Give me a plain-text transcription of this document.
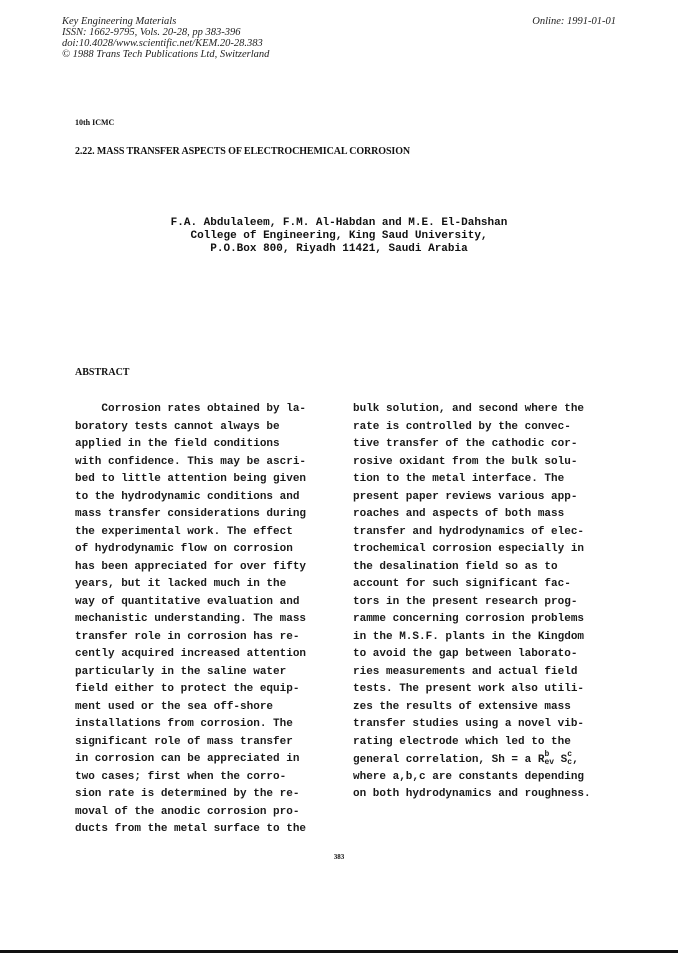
Key Engineering Materials
ISSN: 1662-9795, Vols. 20-28, pp 383-396
doi:10.4028/www.scientific.net/KEM.20-28.383
© 1988 Trans Tech Publications Ltd, Switzerland
Online: 1991-01-01
10th ICMC
2.22. MASS TRANSFER ASPECTS OF ELECTROCHEMICAL CORROSION
F.A. Abdulaleem, F.M. Al-Habdan and M.E. El-Dahshan
College of Engineering, King Saud University,
P.O.Box 800, Riyadh 11421, Saudi Arabia
ABSTRACT
Corrosion rates obtained by la-
boratory tests cannot always be
applied in the field conditions
with confidence. This may be ascri-
bed to little attention being given
to the hydrodynamic conditions and
mass transfer considerations during
the experimental work. The effect
of hydrodynamic flow on corrosion
has been appreciated for over fifty
years, but it lacked much in the
way of quantitative evaluation and
mechanistic understanding. The mass
transfer role in corrosion has re-
cently acquired increased attention
particularly in the saline water
field either to protect the equip-
ment used or the sea off-shore
installations from corrosion. The
significant role of mass transfer
in corrosion can be appreciated in
two cases; first when the corro-
sion rate is determined by the re-
moval of the anodic corrosion pro-
ducts from the metal surface to the
bulk solution, and second where the
rate is controlled by the convec-
tive transfer of the cathodic cor-
rosive oxidant from the bulk solu-
tion to the metal interface. The
present paper reviews various app-
roaches and aspects of both mass
transfer and hydrodynamics of elec-
trochemical corrosion especially in
the desalination field so as to
account for such significant fac-
tors in the present research prog-
ramme concerning corrosion problems
in the M.S.F. plants in the Kingdom
to avoid the gap between laborato-
ries measurements and actual field
tests. The present work also utili-
zes the results of extensive mass
transfer studies using a novel vib-
rating electrode which led to the
general correlation, Sh = a R b
ev S c
c ,
where a,b,c are constants depending
on both hydrodynamics and roughness.
383
